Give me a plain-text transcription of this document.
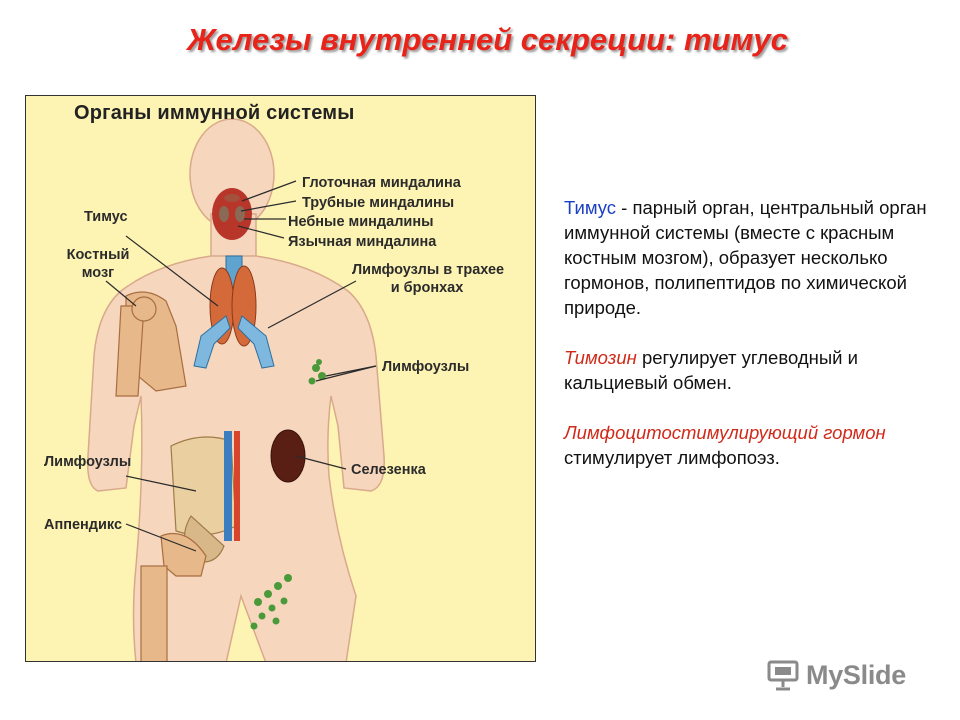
Железы внутренней секреции: тимус
Органы иммунной системы
Глоточная миндалина
Трубные миндалины
Небные миндалины
Язычная миндалина
Тимус
Костный
мозг	Лимфоузлы в трахее
и бронхах
Лимфоузлы
Лимфоузлы	Селезенка
Аппендикс

Тимус - парный орган, центральный орган иммунной системы (вместе с красным костным мозгом), образует несколько гормонов, полипептидов по химической природе.

Тимозин регулирует углеводный и кальциевый обмен.

Лимфоцитостимулирующий гормон стимулирует лимфопоэз.

MySlide
